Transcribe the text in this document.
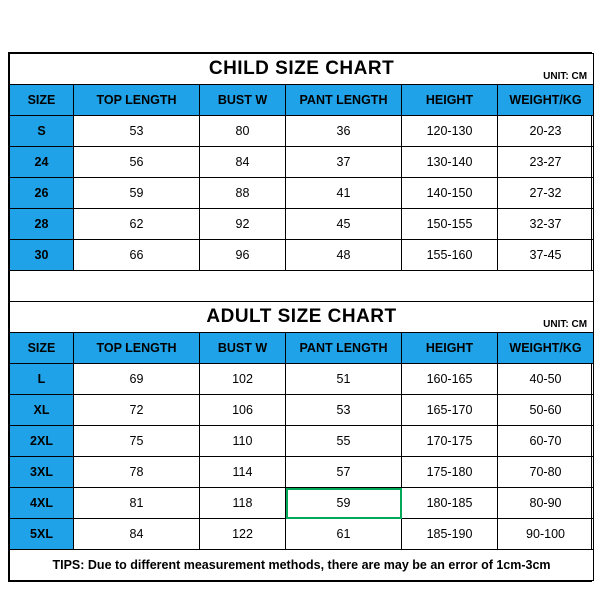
CHILD SIZE CHART UNIT: CM					

SIZE	TOP LENGTH	BUST W	PANT LENGTH	HEIGHT	WEIGHT/KG
S	53	80	36	120-130	20-23
24	56	84	37	130-140	23-27
26	59	88	41	140-150	27-32
28	62	92	45	150-155	32-37
30	66	96	48	155-160	37-45

ADULT SIZE CHART UNIT: CM					

SIZE	TOP LENGTH	BUST W	PANT LENGTH	HEIGHT	WEIGHT/KG
L	69	102	51	160-165	40-50
XL	72	106	53	165-170	50-60
2XL	75	110	55	170-175	60-70
3XL	78	114	57	175-180	70-80
4XL	81	118	59	180-185	80-90
5XL	84	122	61	185-190	90-100
TIPS: Due to different measurement methods, there are may be an error of 1cm-3cm					
